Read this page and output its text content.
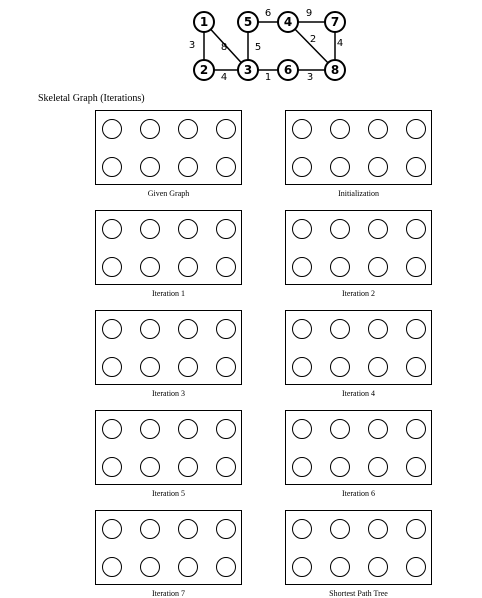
3	8
4
6
5
9
2 4
1	3
1
2	3
4
5
6
7
8
Skeletal Graph (Iterations)
Given Graph	Initialization
Iteration 1	Iteration 2
Iteration 3	Iteration 4
Iteration 5	Iteration 6
Iteration 7	Shortest Path Tree
